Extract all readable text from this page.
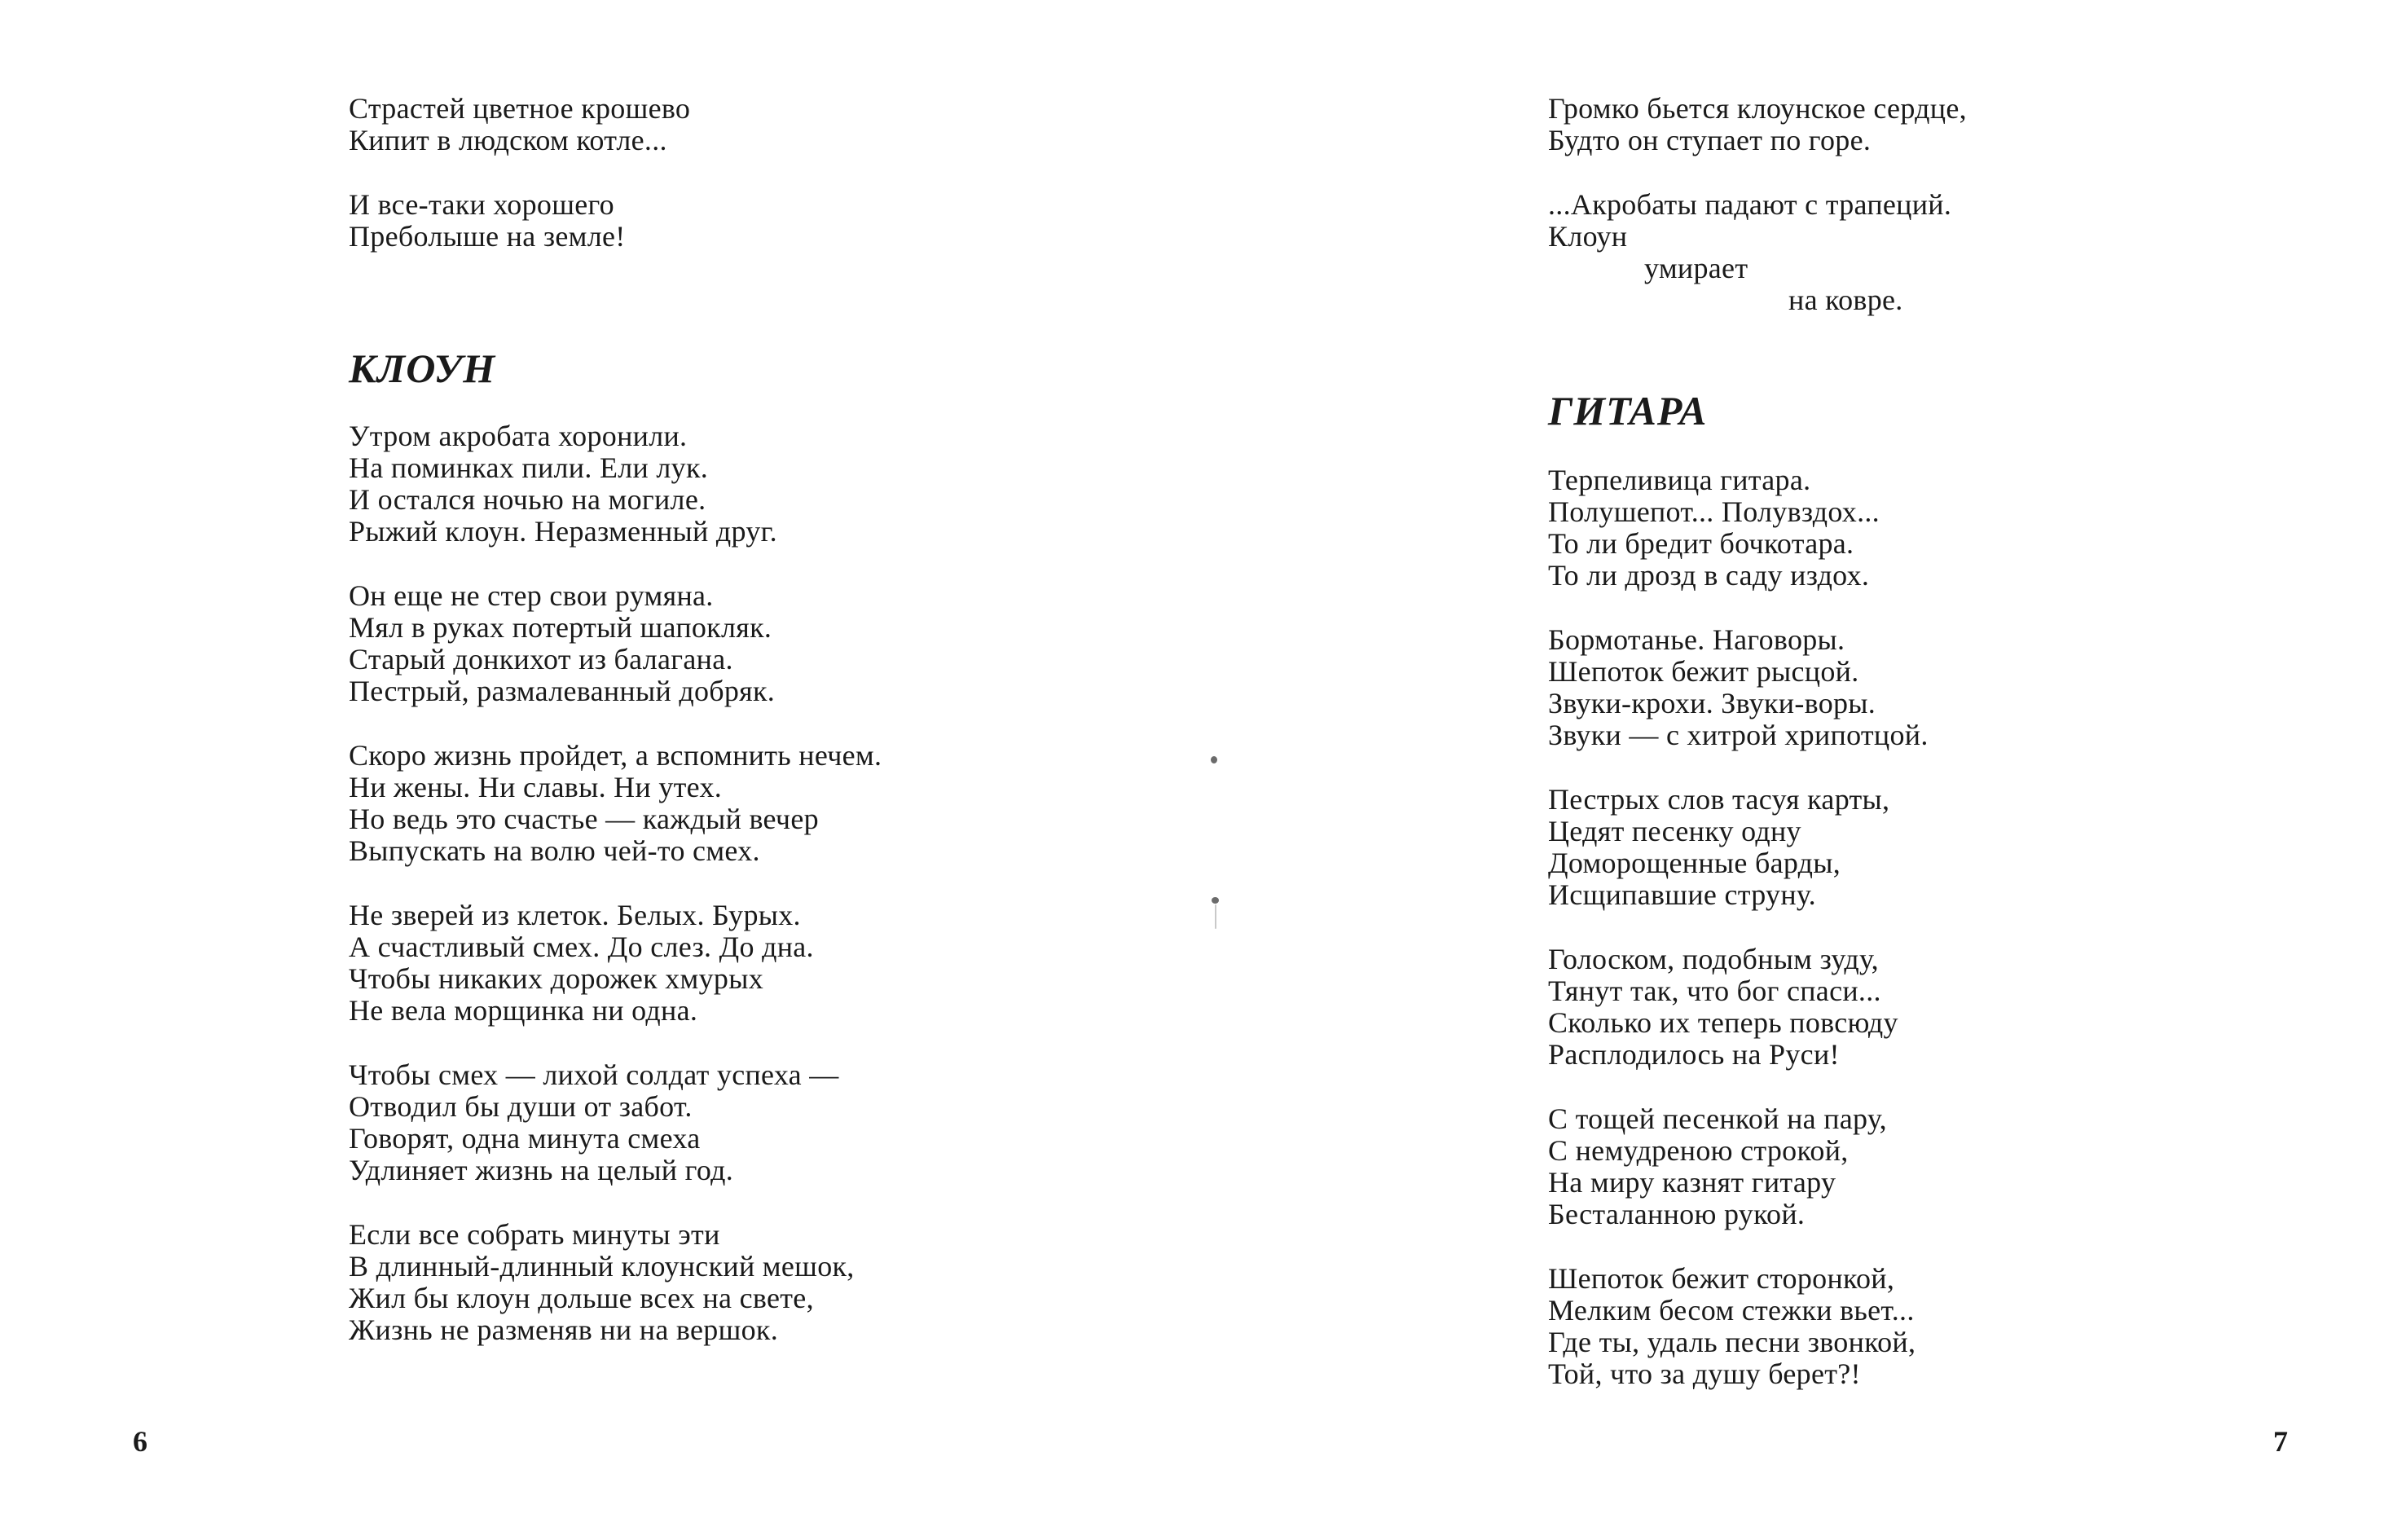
Страстей цветное крошево
Кипит в людском котле...
И все-таки хорошего
Преболыше на земле!
КЛОУН
Утром акробата хоронили.
На поминках пили. Ели лук.
И остался ночью на могиле.
Рыжий клоун. Неразменный друг.
Он еще не стер свои румяна.
Мял в руках потертый шапокляк.
Старый донкихот из балагана.
Пестрый, размалеванный добряк.
Скоро жизнь пройдет, а вспомнить нечем.
Ни жены. Ни славы. Ни утех.
Но ведь это счастье — каждый вечер
Выпускать на волю чей-то смех.
Не зверей из клеток. Белых. Бурых.
А счастливый смех. До слез. До дна.
Чтобы никаких дорожек хмурых
Не вела морщинка ни одна.
Чтобы смех — лихой солдат успеха —
Отводил бы души от забот.
Говорят, одна минута смеха
Удлиняет жизнь на целый год.
Если все собрать минуты эти
В длинный-длинный клоунский мешок,
Жил бы клоун дольше всех на свете,
Жизнь не разменяв ни на вершок.
Громко бьется клоунское сердце,
Будто он ступает по горе.
...Акробаты падают с трапеций.
Клоун
умирает
на ковре.
ГИТАРА
Терпеливица гитара.
Полушепот... Полувздох...
То ли бредит бочкотара.
То ли дрозд в саду издох.
Бормотанье. Наговоры.
Шепоток бежит рысцой.
Звуки-крохи. Звуки-воры.
Звуки — с хитрой хрипотцой.
Пестрых слов тасуя карты,
Цедят песенку одну
Доморощенные барды,
Исщипавшие струну.
Голоском, подобным зуду,
Тянут так, что бог спаси...
Сколько их теперь повсюду
Расплодилось на Руси!
С тощей песенкой на пару,
С немудреною строкой,
На миру казнят гитару
Бесталанною рукой.
Шепоток бежит сторонкой,
Мелким бесом стежки вьет...
Где ты, удаль песни звонкой,
Той, что за душу берет?!
6	7
